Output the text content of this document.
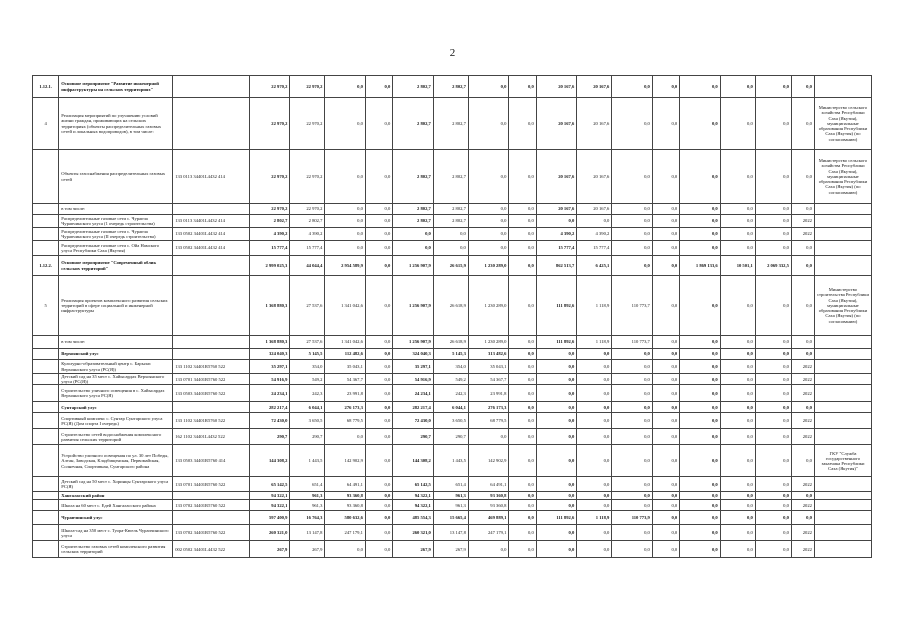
2
1.12.1.	Основное мероприятие "Развитие инженерной инфраструктуры на сельских территориях"		22 970,2	22 970,2	0,0	0,0	2 802,7	2 802,7	0,0	0,0	20 167,6	20 167,6	0,0	0,0	0,0	0,0	0,0	0,0	
4	Реализация мероприятий по улучшению условий жизни граждан, проживающих на сельских территориях (объекты распределительных газовых сетей и локальных водопроводов), в том числе:		22 970,2	22 970,2	0,0	0,0	2 802,7	2 802,7	0,0	0,0	20 167,6	20 167,6	0,0	0,0	0,0	0,0	0,0	0,0	Министерство сельского хозяйства Республики Саха (Якутия), муниципальные образования Республики Саха (Якутия) (по согласованию)
	Объекты газоснабжения распределительных газовых сетей	133 0113 34401L4432 414	22 970,2	22 970,2	0,0	0,0	2 802,7	2 802,7	0,0	0,0	20 167,6	20 167,6	0,0	0,0	0,0	0,0	0,0	0,0	Министерство сельского хозяйства Республики Саха (Якутия), муниципальные образования Республики Саха (Якутия) (по согласованию)
	в том числе:		22 970,2	22 970,2	0,0	0,0	2 802,7	2 802,7	0,0	0,0	20 167,6	20 167,6	0,0	0,0	0,0	0,0	0,0	0,0	
	Распределительные газовые сети с. Чурапча Чурапчинского улуса (1 очередь строительства)	133 0113 34401L4432 414	2 802,7	2 802,7	0,0	0,0	2 802,7	2 802,7	0,0	0,0	0,0	0,0	0,0	0,0	0,0	0,0	0,0	2022	
	Распределительные газовые сети с. Чурапча Чурапчинского улуса (II очередь строительства)	133 0502 34401L4432 414	4 390,2	4 390,2	0,0	0,0	0,0	0,0	0,0	0,0	4 390,2	4 390,2	0,0	0,0	0,0	0,0	0,0	2022	
	Распределительные газовые сети с. Ойа Намского улуса Республики Саха (Якутия)	133 0502 34401L4432 414	15 777,4	15 777,4	0,0	0,0	0,0	0,0	0,0	0,0	15 777,4	15 777,4	0,0	0,0	0,0	0,0	0,0	0,0	
1.12.2.	Основное мероприятие "Современный облик сельских территорий"		2 999 025,3	44 044,4	2 954 589,9	0,0	1 256 907,9	26 615,9	1 230 289,0	0,0	862 513,7	6 425,1	0,0	0,0	1 869 133,6	10 501,1	2 069 332,5	0,0	
5	Реализация проектов комплексного развития сельских территорий в сфере социальной и инженерной инфраструктуры		1 368 880,3	27 537,6	1 341 042,6	0,0	1 256 907,9	26 618,9	1 230 289,0	0,0	111 892,6	1 118,9	110 773,7	0,0	0,0	0,0	0,0	0,0	Министерство строительства Республики Саха (Якутия), муниципальные образования Республики Саха (Якутия) (по согласованию)
	в том числе:		1 368 880,3	27 537,6	1 341 042,6	0,0	1 256 907,9	26 618,9	1 230 289,0	0,0	111 892,6	1 118,9	110 773,7	0,0	0,0	0,0	0,0	0,0	
	Верхоянский улус		324 040,3	5 145,5	112 482,6	0,0	324 040,3	5 145,3	313 482,6	0,0	0,0	0,0	0,0	0,0	0,0	0,0	0,0	0,0	
	Культурно-образовательный центр с. Барылас Верхоянского улуса (РС(Я))	133 1102 34401R5760 522	35 297,1	354,0	35 043,1	0,0	35 297,1	354,0	35 043,1	0,0	0,0	0,0	0,0	0,0	0,0	0,0	0,0	2022	
	Детский сад на 35 мест с. Хайысардах Верхоянского улуса (РС(Я))	133 0701 34401R5760 522	54 916,9	549,2	54 367,7	0,0	54 916,9	549,2	54 367,7	0,0	0,0	0,0	0,0	0,0	0,0	0,0	0,0	2022	
	Строительство уличного освещения в с. Хайысардах Верхоянского улуса РС(Я)	133 0503 34401R5760 522	24 234,1	242,3	23 991,8	0,0	24 234,1	242,3	23 991,8	0,0	0,0	0,0	0,0	0,0	0,0	0,0	0,0	2022	
	Сунтарский улус		282 217,4	6 044,1	276 173,3	0,0	282 217,4	6 044,1	276 173,3	0,0	0,0	0,0	0,0	0,0	0,0	0,0	0,0	0,0	
	Спортивный комплекс с. Сунтар Сунтарского улуса РС(Я) (Дом спорта I очередь)	133 1102 34401R5760 522	72 430,0	3 650,5	68 779,5	0,0	72 430,0	3 650,5	68 779,5	0,0	0,0	0,0	0,0	0,0	0,0	0,0	0,0	2022	
	Строительство сетей водоснабжения комплексного развития сельских территорий	162 1102 34401L4432 522	290,7	290,7	0,0	0,0	290,7	290,7	0,0	0,0	0,0	0,0	0,0	0,0	0,0	0,0	0,0	2022	
	Устройство уличного освещения по ул. 30 лет Победы, Алтан, Заводская, Кладбищенская, Первомайская, Солнечная, Спортивная, Сунтарского района	133 0503 34401R5760 414	144 308,2	1 443,5	142 902,9	0,0	144 308,2	1 443,5	142 902,9	0,0	0,0	0,0	0,0	0,0	0,0	0,0	0,0	0,0	ГКУ "Служба государственного заказчика Республики Саха (Якутия)"
	Детский сад на 50 мест с. Хоринцы Сунтарского улуса РС(Я)	133 0701 34401R5760 522	65 142,5	651,4	64 491,1	0,0	65 142,5	651,4	64 491,1	0,0	0,0	0,0	0,0	0,0	0,0	0,0	0,0	2022	
	Хангаласский район		94 322,1	961,3	93 360,8	0,0	94 322,1	961,3	93 360,8	0,0	0,0	0,0	0,0	0,0	0,0	0,0	0,0	0,0	
	Школа на 60 мест с. Едей Хангаласского района	133 0702 34401R5760 522	94 322,1	961,3	93 360,8	0,0	94 322,1	961,3	93 360,8	0,0	0,0	0,0	0,0	0,0	0,0	0,0	0,0	2022	
	Чурапчинский улус		597 400,9	16 764,3	580 632,6	0,0	485 554,3	15 665,4	469 889,1	0,0	111 892,6	1 118,9	110 773,9	0,0	0,0	0,0	0,0	0,0	
	Школа-сад на 350 мест с. Туора-Кюель Чурапчинского улуса	133 0702 34401R5760 522	260 321,0	13 147,8	247 179,1	0,0	260 321,0	13 147,8	247 179,1	0,0	0,0	0,0	0,0	0,0	0,0	0,0	0,0	2022	
	Строительство газовых сетей комплексного развития сельских территорий	002 0502 34401L4432 522	267,9	267,9	0,0	0,0	267,9	267,9	0,0	0,0	0,0	0,0	0,0	0,0	0,0	0,0	0,0	2022	
